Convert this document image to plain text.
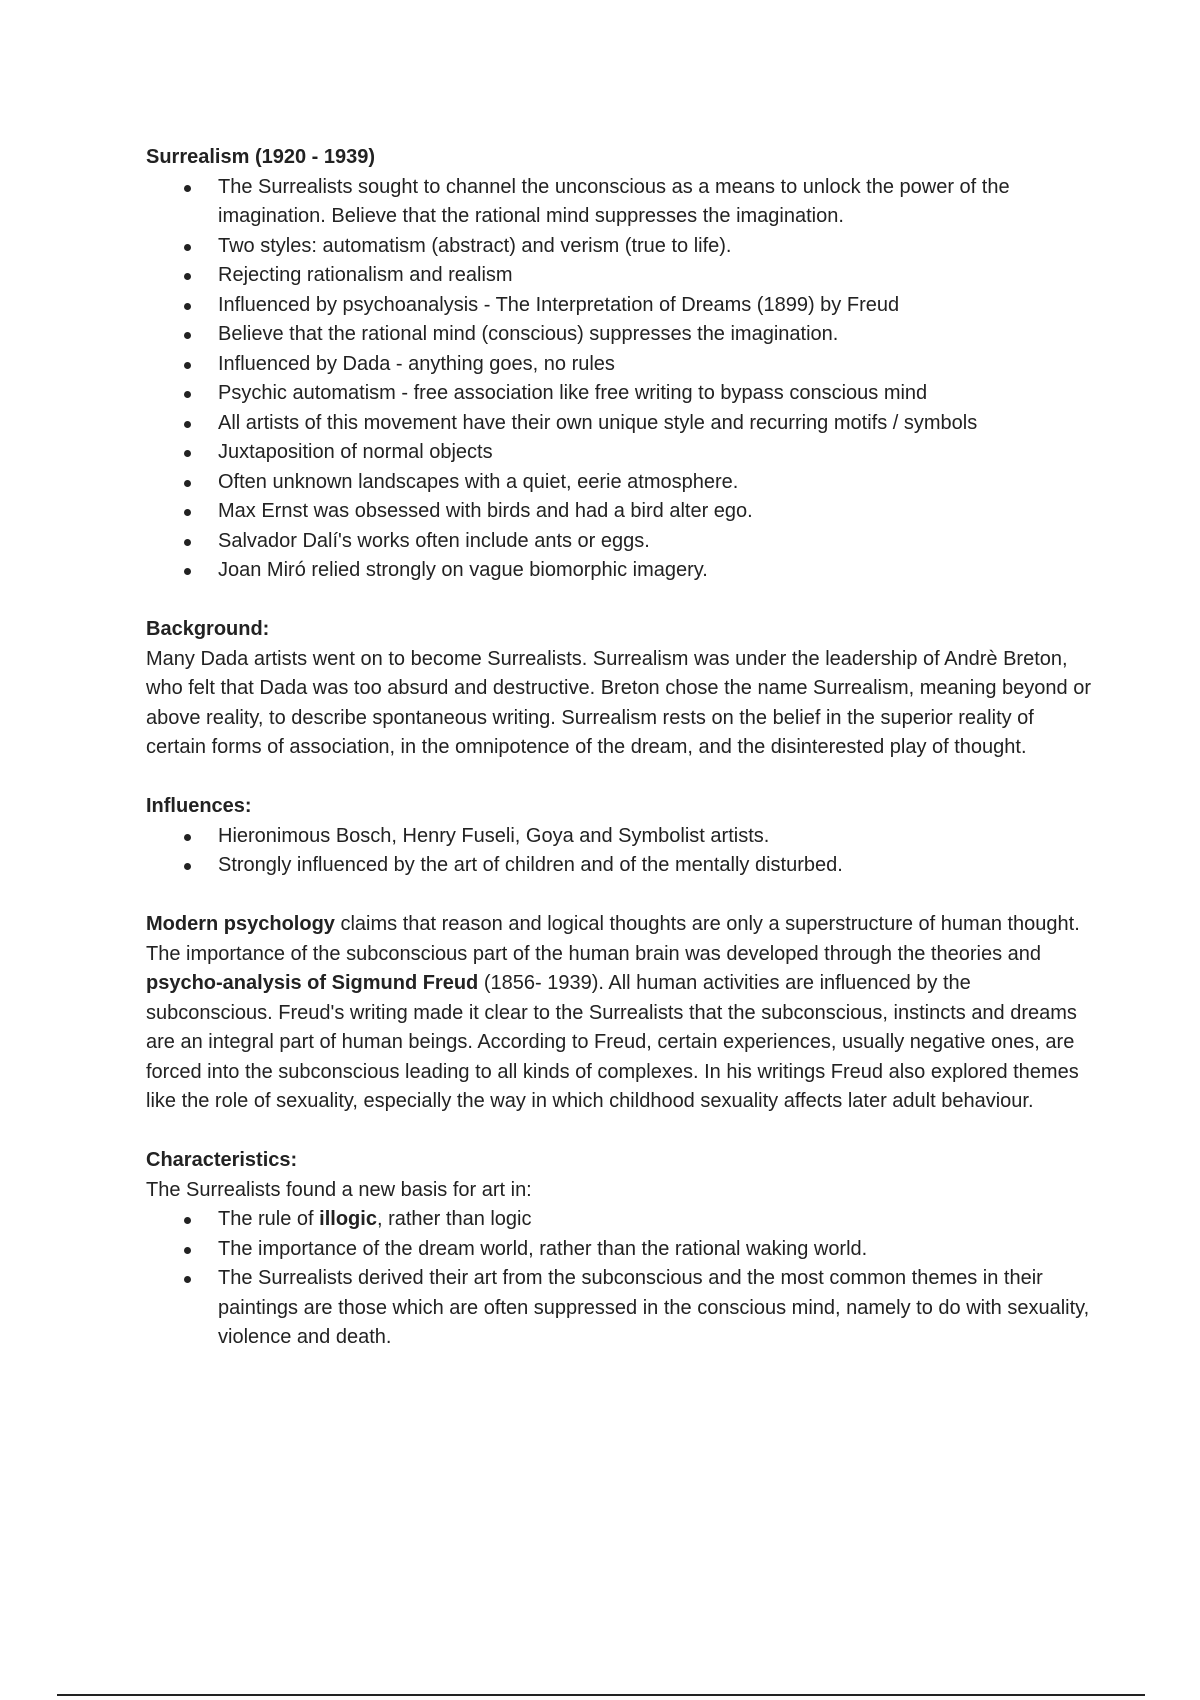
Surrealism (1920 - 1939)

The Surrealists sought to channel the unconscious as a means to unlock the power of the imagination. Believe that the rational mind suppresses the imagination.
Two styles: automatism (abstract) and verism (true to life).
Rejecting rationalism and realism
Influenced by psychoanalysis - The Interpretation of Dreams (1899) by Freud
Believe that the rational mind (conscious) suppresses the imagination.
Influenced by Dada - anything goes, no rules
Psychic automatism - free association like free writing to bypass conscious mind
All artists of this movement have their own unique style and recurring motifs / symbols
Juxtaposition of normal objects
Often unknown landscapes with a quiet, eerie atmosphere.
Max Ernst was obsessed with birds and had a bird alter ego.
Salvador Dalí's works often include ants or eggs.
Joan Miró relied strongly on vague biomorphic imagery.

Background:

Many Dada artists went on to become Surrealists. Surrealism was under the leadership of Andrè Breton, who felt that Dada was too absurd and destructive. Breton chose the name Surrealism, meaning beyond or above reality, to describe spontaneous writing. Surrealism rests on the belief in the superior reality of certain forms of association, in the omnipotence of the dream, and the disinterested play of thought.

Influences:

Hieronimous Bosch, Henry Fuseli, Goya and Symbolist artists.
Strongly influenced by the art of children and of the mentally disturbed.

Modern psychology claims that reason and logical thoughts are only a superstructure of human thought. The importance of the subconscious part of the human brain was developed through the theories and psycho-analysis of Sigmund Freud (1856- 1939). All human activities are influenced by the subconscious. Freud's writing made it clear to the Surrealists that the subconscious, instincts and dreams are an integral part of human beings. According to Freud, certain experiences, usually negative ones, are forced into the subconscious leading to all kinds of complexes. In his writings Freud also explored themes like the role of sexuality, especially the way in which childhood sexuality affects later adult behaviour.

Characteristics:

The Surrealists found a new basis for art in:

The rule of illogic, rather than logic
The importance of the dream world, rather than the rational waking world.
The Surrealists derived their art from the subconscious and the most common themes in their paintings are those which are often suppressed in the conscious mind, namely to do with sexuality, violence and death.
